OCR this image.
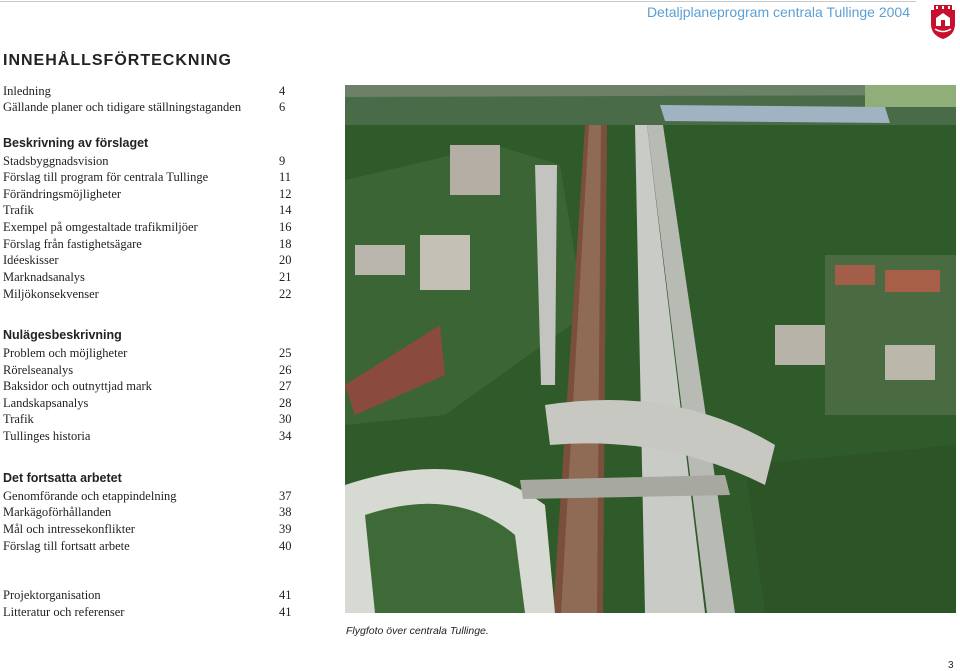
Detaljplaneprogram centrala Tullinge 2004
INNEHÅLLSFÖRTECKNING
Inledning	4
Gällande planer och tidigare ställningstaganden	6
Beskrivning av förslaget
Stadsbyggnadsvision	9
Förslag till program för centrala Tullinge	11
Förändringsmöjligheter	12
Trafik	14
Exempel på omgestaltade trafikmiljöer	16
Förslag från fastighetsägare	18
Idéeskisser	20
Marknadsanalys	21
Miljökonsekvenser	22
Nulägesbeskrivning
Problem och möjligheter	25
Rörelseanalys	26
Baksidor och outnyttjad mark	27
Landskapsanalys	28
Trafik	30
Tullinges historia	34
Det fortsatta arbetet
Genomförande och etappindelning	37
Markägoförhållanden	38
Mål och intressekonflikter	39
Förslag till fortsatt arbete	40
Projektorganisation	41
Litteratur och referenser	41
Flygfoto över centrala Tullinge.
3
